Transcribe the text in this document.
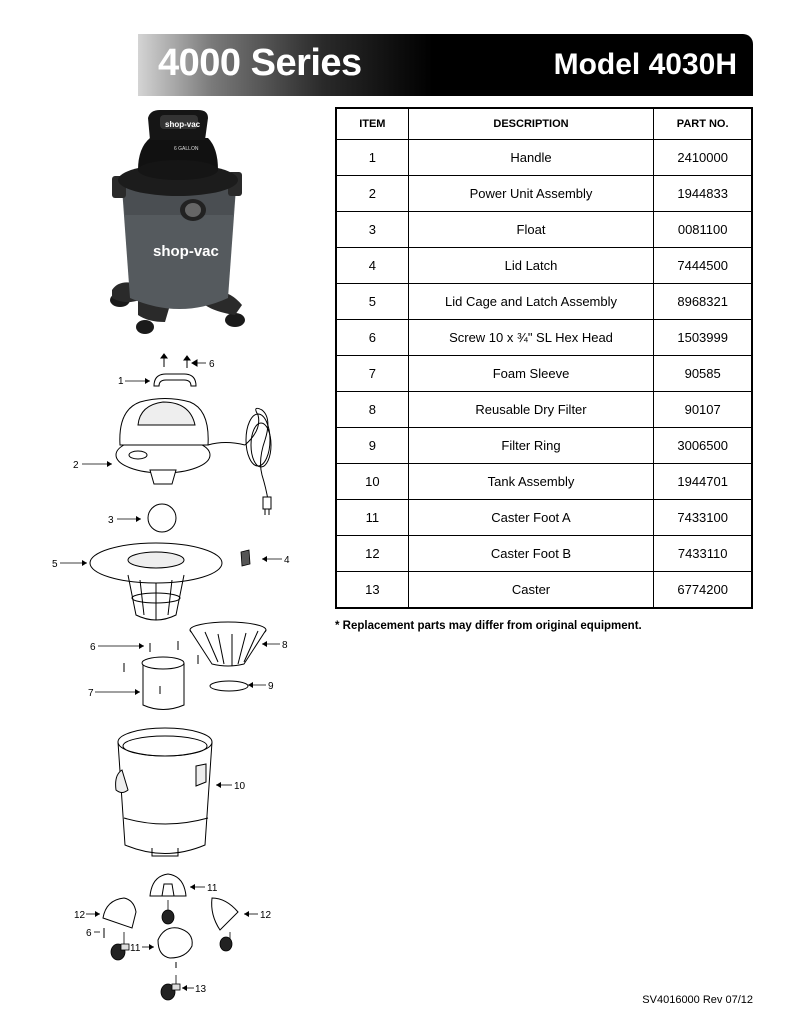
4000 Series	Model 4030H
shop-vac
6 GALLON
shop-vac
6
1
2
3
5	4
6
7
8
9
10
11
12	12
6
11
13
ITEM	DESCRIPTION	PART NO.
1	Handle	2410000
2	Power Unit Assembly	1944833
3	Float	0081100
4	Lid Latch	7444500
5	Lid Cage and Latch Assembly	8968321
6	Screw 10 x ¾" SL Hex Head	1503999
7	Foam Sleeve	90585
8	Reusable Dry Filter	90107
9	Filter Ring	3006500
10	Tank Assembly	1944701
11	Caster Foot A	7433100
12	Caster Foot B	7433110
13	Caster	6774200
* Replacement parts may differ from original equipment.
SV4016000 Rev 07/12
